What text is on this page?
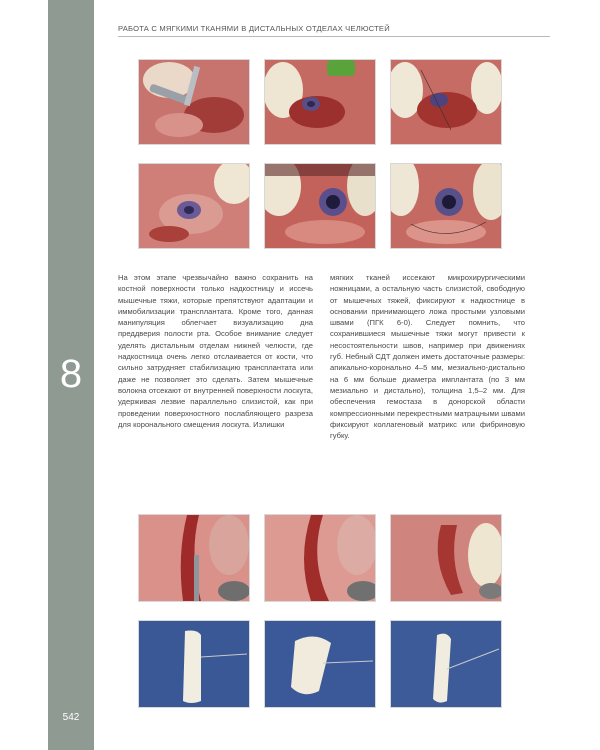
8
542
РАБОТА С МЯГКИМИ ТКАНЯМИ В ДИСТАЛЬНЫХ ОТДЕЛАХ ЧЕЛЮСТЕЙ

На этом этапе чрезвычайно важно сохранить на костной поверхности только надкостницу и иссечь мышечные тяжи, которые препятствуют адаптации и иммобилизации трансплантата. Кроме того, данная манипуляция облегчает визуализацию дна преддверия полости рта. Особое внимание следует уделять дистальным отделам нижней челюсти, где надкостница очень легко отслаивается от кости, что сильно затрудняет стабилизацию трансплантата или даже не позволяет это сделать. Затем мышечные волокна отсекают от внутренней поверхности лоскута, удерживая лезвие параллельно слизистой, как при проведении поверхностного послабляющего разреза для корональнoго смещения лоскута. Излишки

мягких тканей иссекают микрохирургическими ножницами, а остальную часть слизистой, свободную от мышечных тяжей, фиксируют к надкостнице в основании принимающего ложа простыми узловыми швами (ПГК 6-0). Следует помнить, что сохранившиеся мышечные тяжи могут привести к несостоятельности швов, например при движениях губ. Небный СДТ должен иметь достаточные размеры: апикально-корональнo 4–5 мм, мезиально-дистально на 6 мм больше диаметра имплантата (по 3 мм мезиально и дистально), толщина 1,5–2 мм. Для обеспечения гемостаза в донорской области компрессионными перекрестными матрацными швами фиксируют коллагеновый матрикс или фибриновую губку.
